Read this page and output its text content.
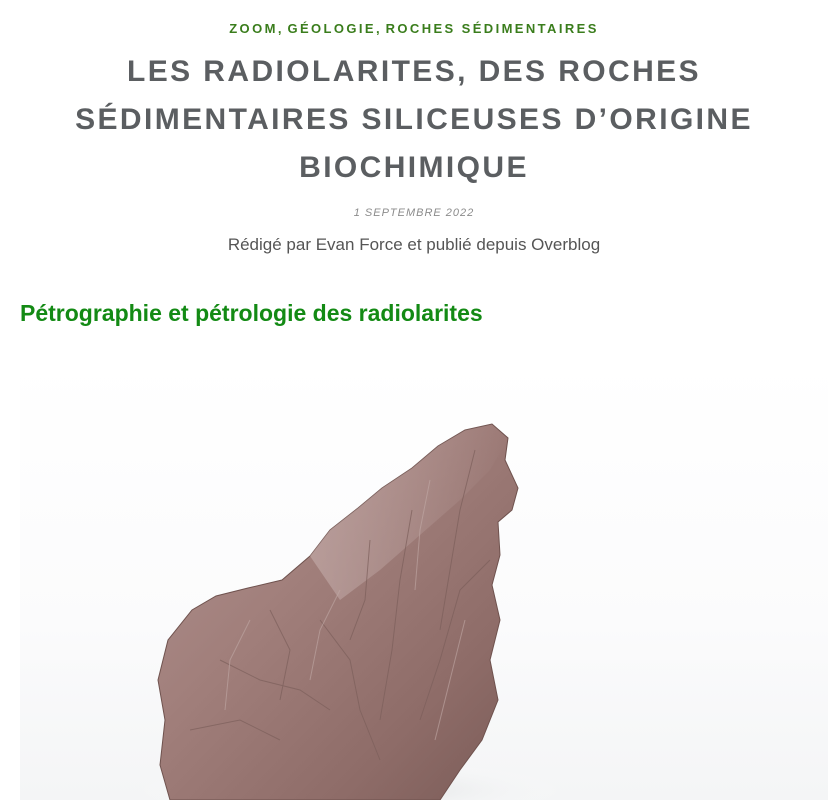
ZOOM, GÉOLOGIE, ROCHES SÉDIMENTAIRES

LES RADIOLARITES, DES ROCHES SÉDIMENTAIRES SILICEUSES D’ORIGINE BIOCHIMIQUE
1 SEPTEMBRE 2022
Rédigé par Evan Force et publié depuis Overblog
Pétrographie et pétrologie des radiolarites
